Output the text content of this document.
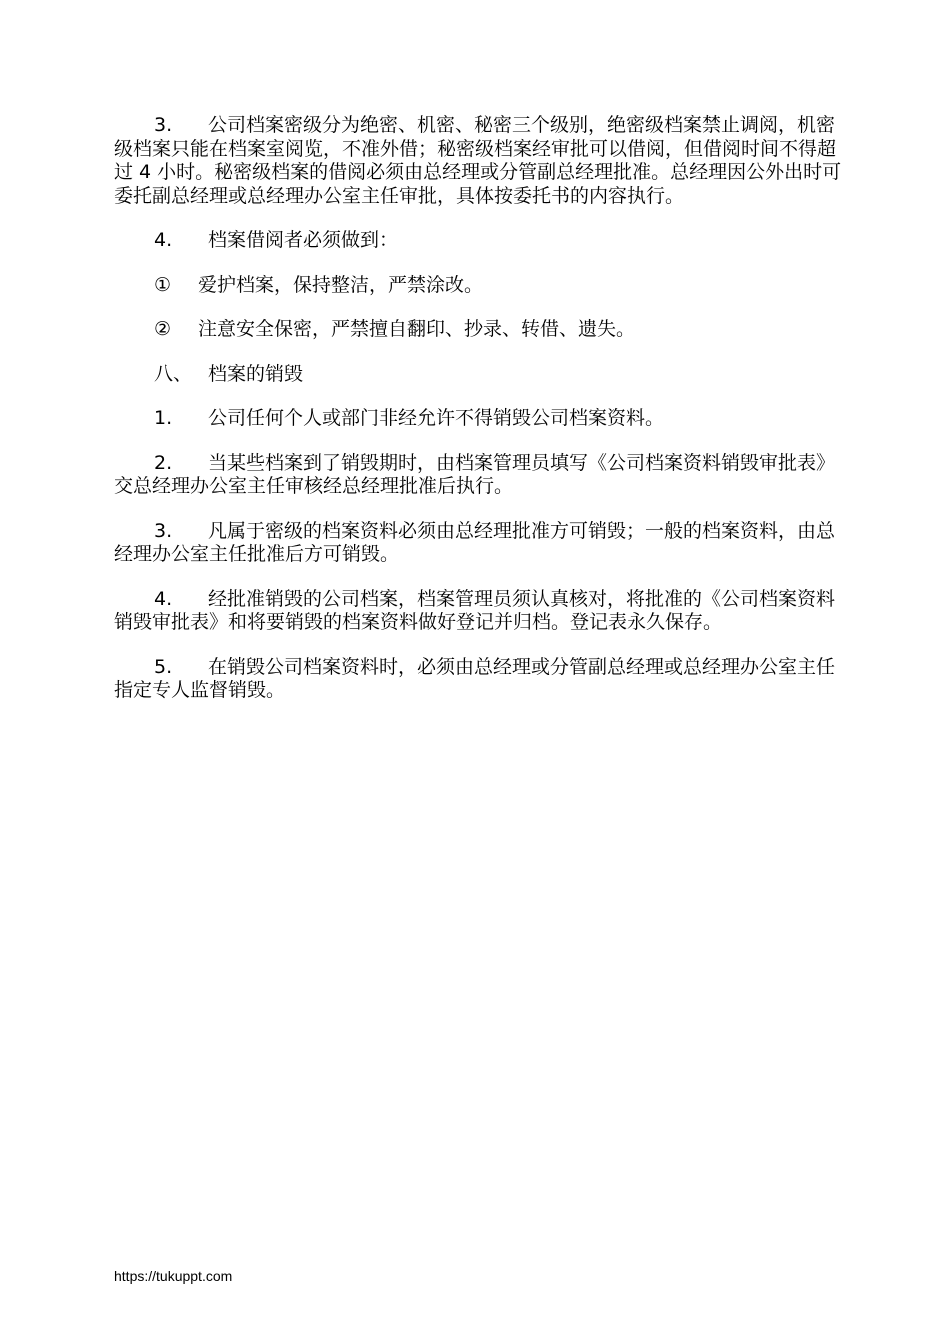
3. 公司档案密级分为绝密、机密、秘密三个级别，绝密级档案禁止调阅，机密级档案只能在档案室阅览，不准外借；秘密级档案经审批可以借阅，但借阅时间不得超过 4 小时。秘密级档案的借阅必须由总经理或分管副总经理批准。总经理因公外出时可委托副总经理或总经理办公室主任审批，具体按委托书的内容执行。

4. 档案借阅者必须做到：

① 爱护档案，保持整洁，严禁涂改。

② 注意安全保密，严禁擅自翻印、抄录、转借、遗失。

八、 档案的销毁

1. 公司任何个人或部门非经允许不得销毁公司档案资料。

2. 当某些档案到了销毁期时，由档案管理员填写《公司档案资料销毁审批表》交总经理办公室主任审核经总经理批准后执行。

3. 凡属于密级的档案资料必须由总经理批准方可销毁；一般的档案资料，由总经理办公室主任批准后方可销毁。

4. 经批准销毁的公司档案，档案管理员须认真核对，将批准的《公司档案资料销毁审批表》和将要销毁的档案资料做好登记并归档。登记表永久保存。

5. 在销毁公司档案资料时，必须由总经理或分管副总经理或总经理办公室主任指定专人监督销毁。

https://tukuppt.com
